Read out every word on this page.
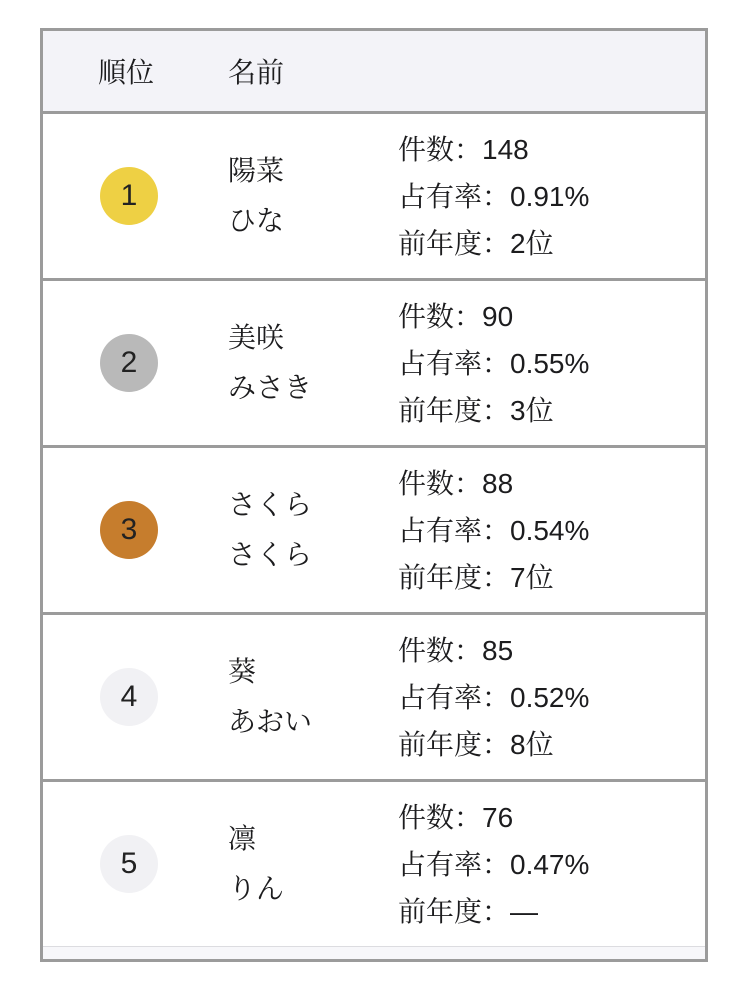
順位	名前
1
陽菜
ひな
件数：148
占有率：0.91%
前年度：2位
2
美咲
みさき
件数：90
占有率：0.55%
前年度：3位
3
さくら
さくら
件数：88
占有率：0.54%
前年度：7位
4
葵
あおい
件数：85
占有率：0.52%
前年度：8位
5
凛
りん
件数：76
占有率：0.47%
前年度：―
